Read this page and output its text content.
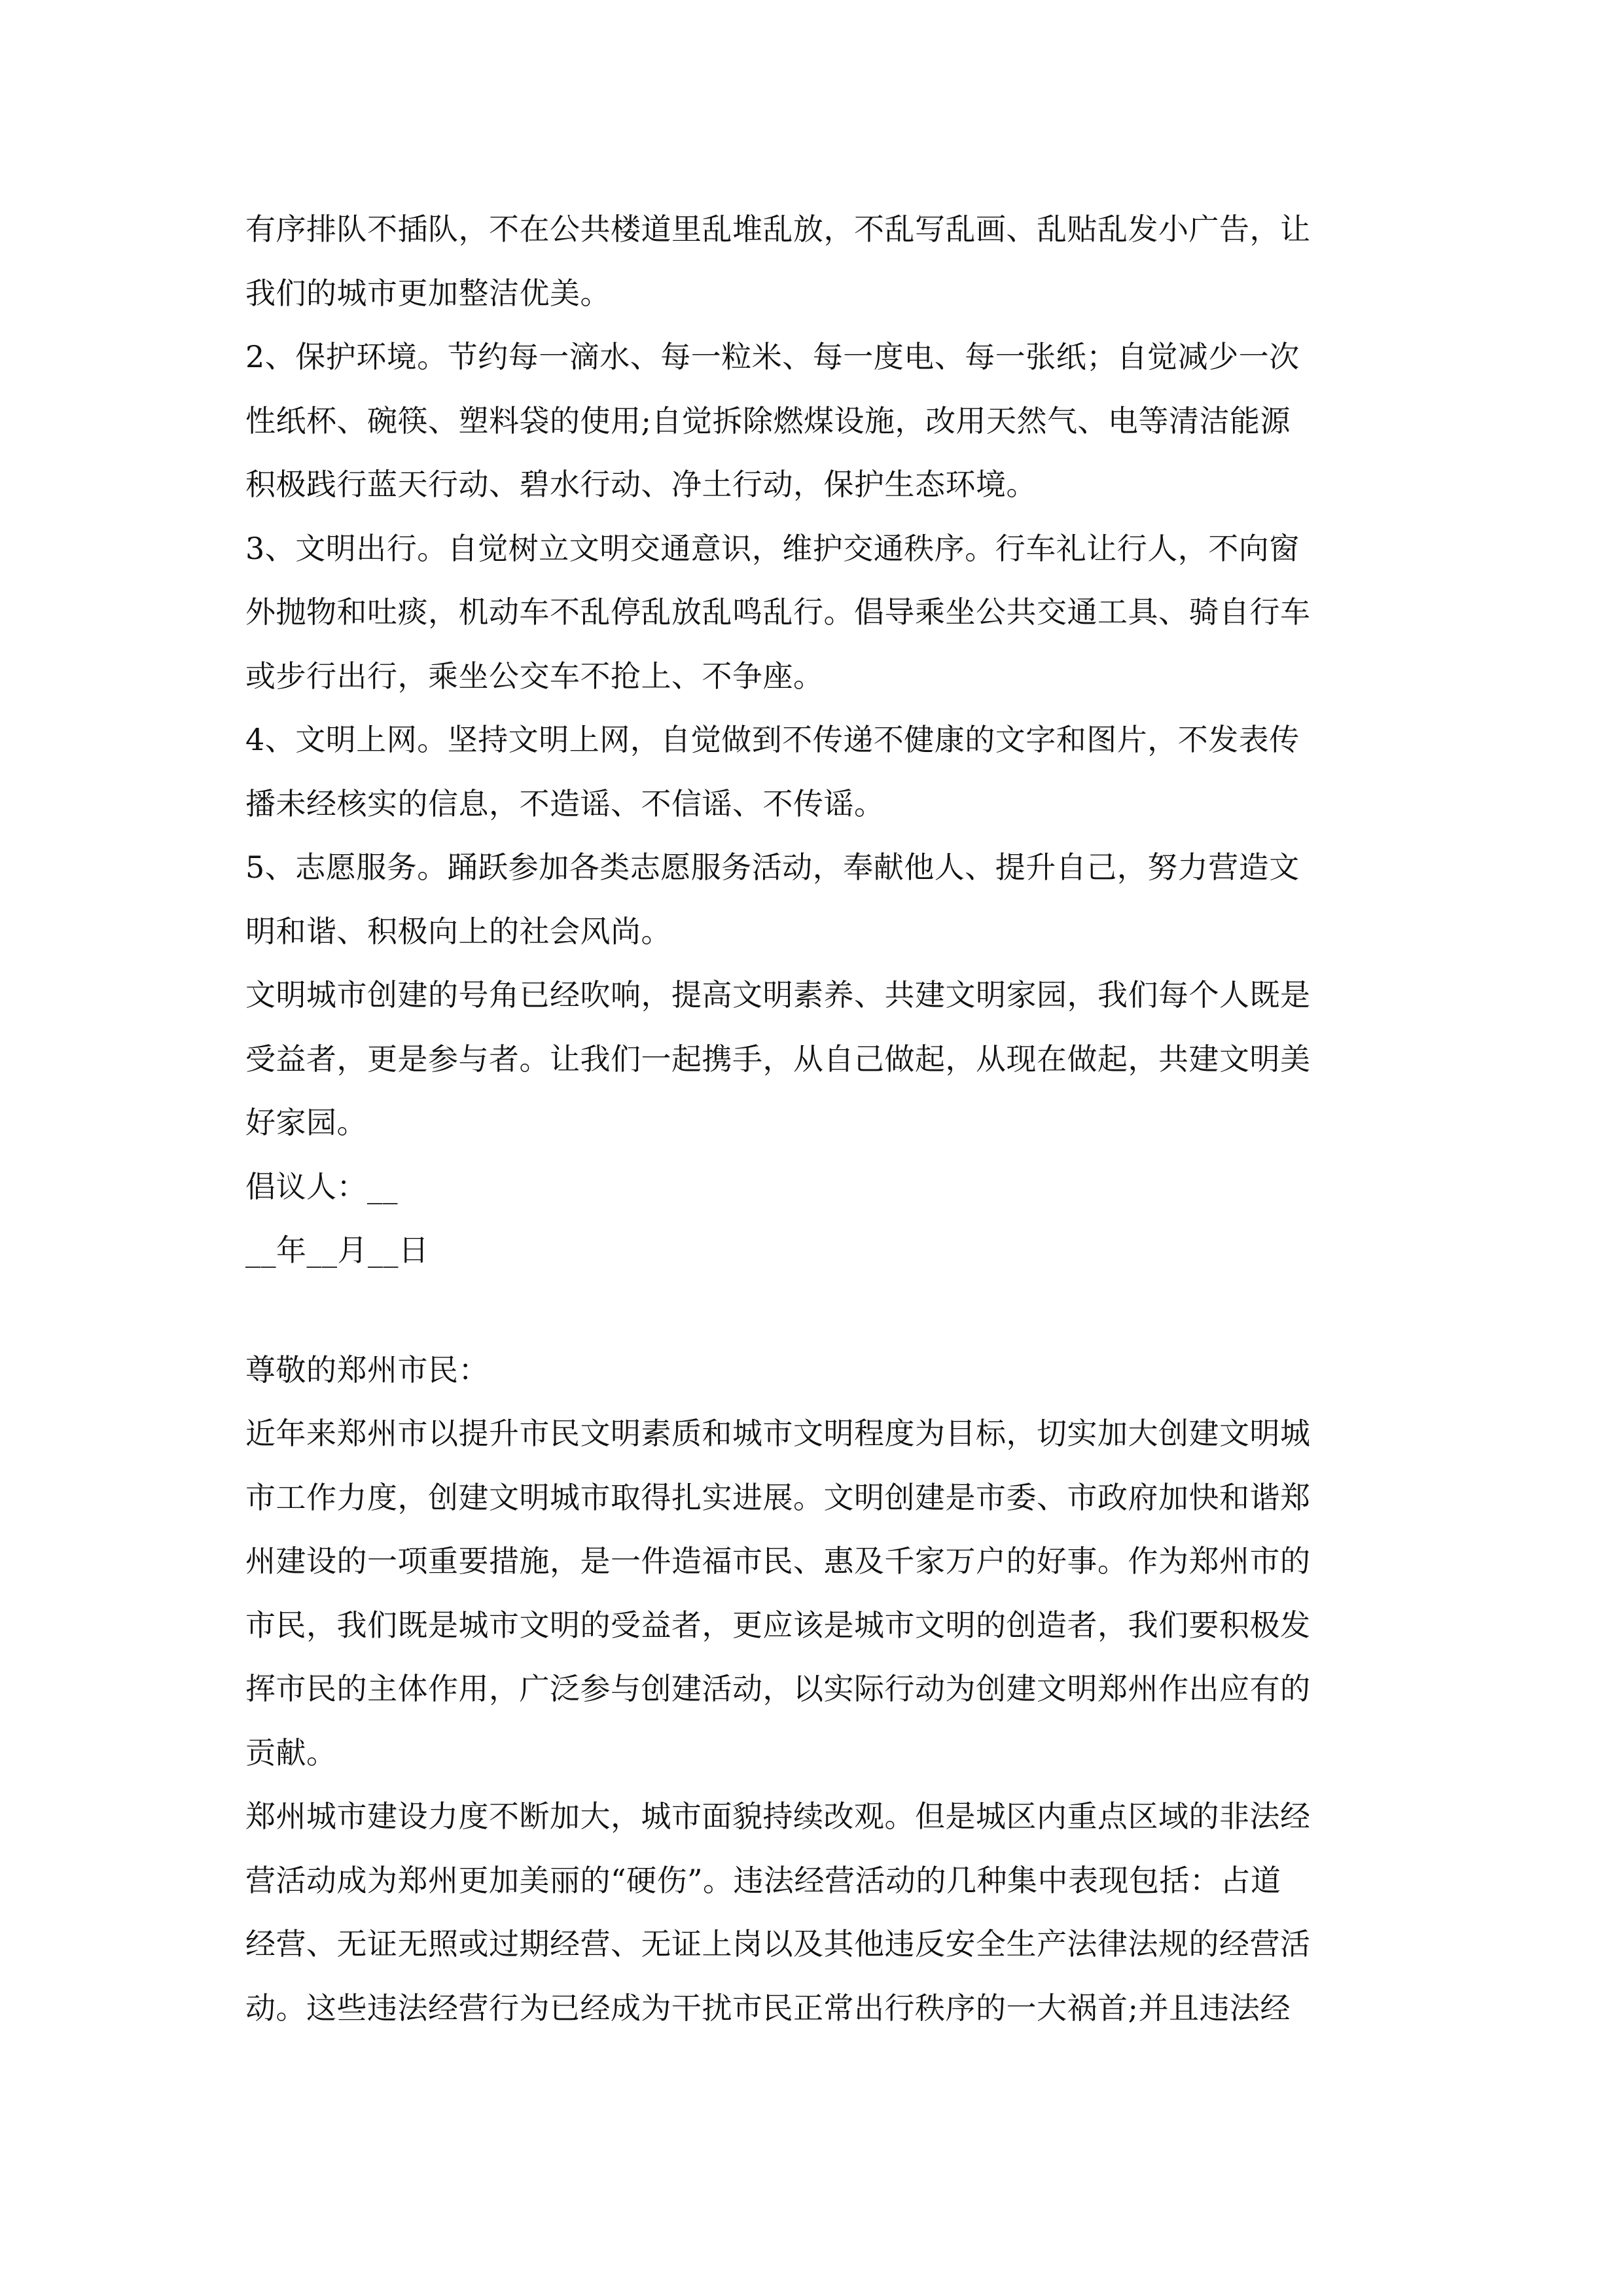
有序排队不插队，不在公共楼道里乱堆乱放，不乱写乱画、乱贴乱发小广告，让
我们的城市更加整洁优美。
2、保护环境。节约每一滴水、每一粒米、每一度电、每一张纸；自觉减少一次
性纸杯、碗筷、塑料袋的使用;自觉拆除燃煤设施，改用天然气、电等清洁能源
积极践行蓝天行动、碧水行动、净土行动，保护生态环境。
3、文明出行。自觉树立文明交通意识，维护交通秩序。行车礼让行人，不向窗
外抛物和吐痰，机动车不乱停乱放乱鸣乱行。倡导乘坐公共交通工具、骑自行车
或步行出行，乘坐公交车不抢上、不争座。
4、文明上网。坚持文明上网，自觉做到不传递不健康的文字和图片，不发表传
播未经核实的信息，不造谣、不信谣、不传谣。
5、志愿服务。踊跃参加各类志愿服务活动，奉献他人、提升自己，努力营造文
明和谐、积极向上的社会风尚。
文明城市创建的号角已经吹响，提高文明素养、共建文明家园，我们每个人既是
受益者，更是参与者。让我们一起携手，从自己做起，从现在做起，共建文明美
好家园。
倡议人：__
__年__月__日
尊敬的郑州市民：
近年来郑州市以提升市民文明素质和城市文明程度为目标，切实加大创建文明城
市工作力度，创建文明城市取得扎实进展。文明创建是市委、市政府加快和谐郑
州建设的一项重要措施，是一件造福市民、惠及千家万户的好事。作为郑州市的
市民，我们既是城市文明的受益者，更应该是城市文明的创造者，我们要积极发
挥市民的主体作用，广泛参与创建活动，以实际行动为创建文明郑州作出应有的
贡献。
郑州城市建设力度不断加大，城市面貌持续改观。但是城区内重点区域的非法经
营活动成为郑州更加美丽的“硬伤”。违法经营活动的几种集中表现包括：占道
经营、无证无照或过期经营、无证上岗以及其他违反安全生产法律法规的经营活
动。这些违法经营行为已经成为干扰市民正常出行秩序的一大祸首;并且违法经
